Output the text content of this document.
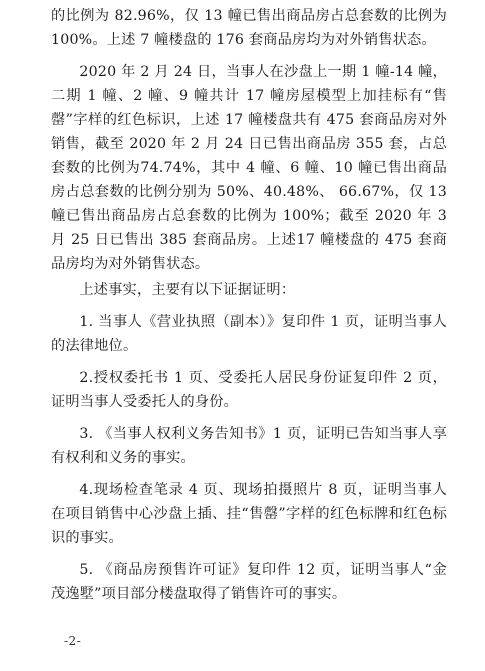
的比例为 82.96%，仅 13 幢已售出商品房占总套数的比例为100%。上述 7 幢楼盘的 176 套商品房均为对外销售状态。

2020 年 2 月 24 日，当事人在沙盘上一期 1 幢-14 幢，二期 1 幢、2 幢、9 幢共计 17 幢房屋模型上加挂标有“售罄”字样的红色标识，上述 17 幢楼盘共有 475 套商品房对外销售，截至 2020 年 2 月 24 日已售出商品房 355 套，占总套数的比例为74.74%，其中 4 幢、6 幢、10 幢已售出商品房占总套数的比例分别为 50%、40.48%、 66.67%，仅 13 幢已售出商品房占总套数的比例为 100%；截至 2020 年 3 月 25 日已售出 385 套商品房。上述17 幢楼盘的 475 套商品房均为对外销售状态。

上述事实，主要有以下证据证明：

1. 当事人《营业执照（副本）》复印件 1 页，证明当事人的法律地位。

2.授权委托书 1 页、受委托人居民身份证复印件 2 页，证明当事人受委托人的身份。

3. 《当事人权利义务告知书》1 页，证明已告知当事人享有权利和义务的事实。

4.现场检查笔录 4 页、现场拍摄照片 8 页，证明当事人在项目销售中心沙盘上插、挂“售罄”字样的红色标牌和红色标识的事实。

5. 《商品房预售许可证》复印件 12 页，证明当事人“金茂逸墅”项目部分楼盘取得了销售许可的事实。

-2-
